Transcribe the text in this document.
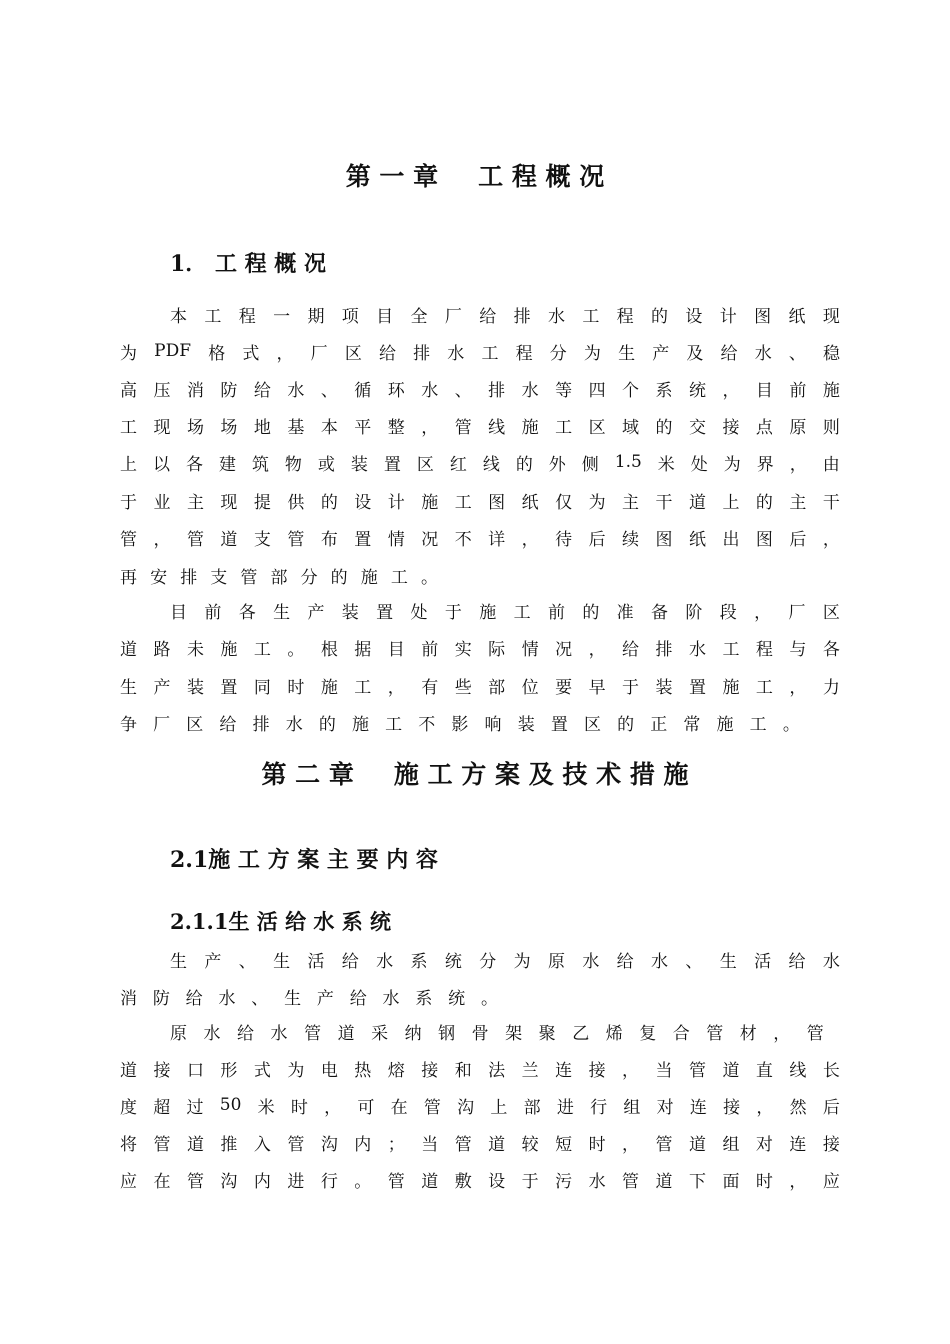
第 一 章 工 程 概 况
1． 工 程 概 况
本 工 程 一 期 项 目 全 厂 给 排 水 工 程 的 设 计 图 纸 现
为 PDF 格 式 ， 厂 区 给 排 水 工 程 分 为 生 产 及 给 水 、 稳
高 压 消 防 给 水 、 循 环 水 、 排 水 等 四 个 系 统 ， 目 前 施
工 现 场 场 地 基 本 平 整 ， 管 线 施 工 区 域 的 交 接 点 原 则
上 以 各 建 筑 物 或 装 置 区 红 线 的 外 侧 1.5 米 处 为 界 ， 由
于 业 主 现 提 供 的 设 计 施 工 图 纸 仅 为 主 干 道 上 的 主 干
管 ， 管 道 支 管 布 置 情 况 不 详 ， 待 后 续 图 纸 出 图 后 ，
再 安 排 支 管 部 分 的 施 工 。
目 前 各 生 产 装 置 处 于 施 工 前 的 准 备 阶 段 ， 厂 区
道 路 未 施 工 。 根 据 目 前 实 际 情 况 ， 给 排 水 工 程 与 各
生 产 装 置 同 时 施 工 ， 有 些 部 位 要 早 于 装 置 施 工 ， 力
争 厂 区 给 排 水 的 施 工 不 影 响 装 置 区 的 正 常 施 工 。
第 二 章 施 工 方 案 及 技 术 措 施
2.1施 工 方 案 主 要 内 容
2.1.1生 活 给 水 系 统
生 产 、 生 活 给 水 系 统 分 为 原 水 给 水 、 生 活 给 水
消 防 给 水 、 生 产 给 水 系 统 。
原 水 给 水 管 道 采 纳 钢 骨 架 聚 乙 烯 复 合 管 材 ， 管
道 接 口 形 式 为 电 热 熔 接 和 法 兰 连 接 ， 当 管 道 直 线 长
度 超 过 50 米 时 ， 可 在 管 沟 上 部 进 行 组 对 连 接 ， 然 后
将 管 道 推 入 管 沟 内 ； 当 管 道 较 短 时 ， 管 道 组 对 连 接
应 在 管 沟 内 进 行 。 管 道 敷 设 于 污 水 管 道 下 面 时 ， 应
